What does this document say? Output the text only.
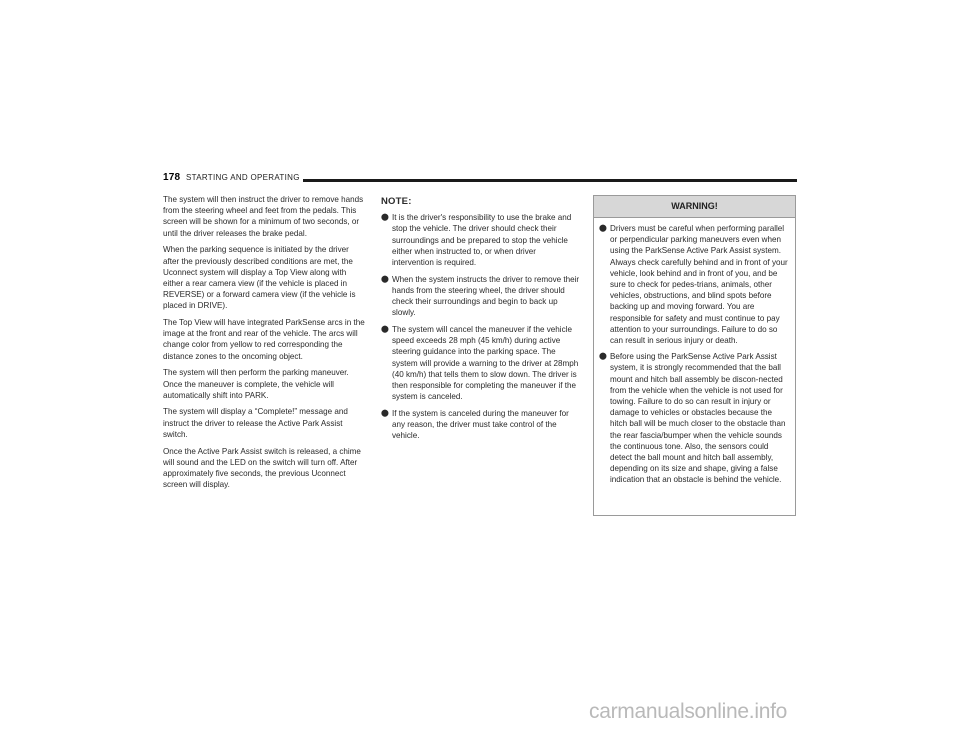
178 STARTING AND OPERATING

The system will then instruct the driver to remove hands from the steering wheel and feet from the pedals. This screen will be shown for a minimum of two seconds, or until the driver releases the brake pedal.

When the parking sequence is initiated by the driver after the previously described conditions are met, the Uconnect system will display a Top View along with either a rear camera view (if the vehicle is placed in REVERSE) or a forward camera view (if the vehicle is placed in DRIVE).

The Top View will have integrated ParkSense arcs in the image at the front and rear of the vehicle. The arcs will change color from yellow to red corresponding the distance zones to the oncoming object.

The system will then perform the parking maneuver. Once the maneuver is complete, the vehicle will automatically shift into PARK.

The system will display a “Complete!” message and instruct the driver to release the Active Park Assist switch.

Once the Active Park Assist switch is released, a chime will sound and the LED on the switch will turn off. After approximately five seconds, the previous Uconnect screen will display.

NOTE:
⬤ It is the driver's responsibility to use the brake and stop the vehicle. The driver should check their surroundings and be prepared to stop the vehicle either when instructed to, or when driver intervention is required.
⬤ When the system instructs the driver to remove their hands from the steering wheel, the driver should check their surroundings and begin to back up slowly.
⬤ The system will cancel the maneuver if the vehicle speed exceeds 28 mph (45 km/h) during active steering guidance into the parking space. The system will provide a warning to the driver at 28mph (40 km/h) that tells them to slow down. The driver is then responsible for completing the maneuver if the system is canceled.
⬤ If the system is canceled during the maneuver for any reason, the driver must take control of the vehicle.
WARNING!
⬤ Drivers must be careful when performing parallel or perpendicular parking maneuvers even when using the ParkSense Active Park Assist system. Always check carefully behind and in front of your vehicle, look behind and in front of you, and be sure to check for pedes-trians, animals, other vehicles, obstructions, and blind spots before backing up and moving forward. You are responsible for safety and must continue to pay attention to your surroundings. Failure to do so can result in serious injury or death.
⬤ Before using the ParkSense Active Park Assist system, it is strongly recommended that the ball mount and hitch ball assembly be discon-nected from the vehicle when the vehicle is not used for towing. Failure to do so can result in injury or damage to vehicles or obstacles because the hitch ball will be much closer to the obstacle than the rear fascia/bumper when the vehicle sounds the continuous tone. Also, the sensors could detect the ball mount and hitch ball assembly, depending on its size and shape, giving a false indication that an obstacle is behind the vehicle.
carmanualsonline.info
